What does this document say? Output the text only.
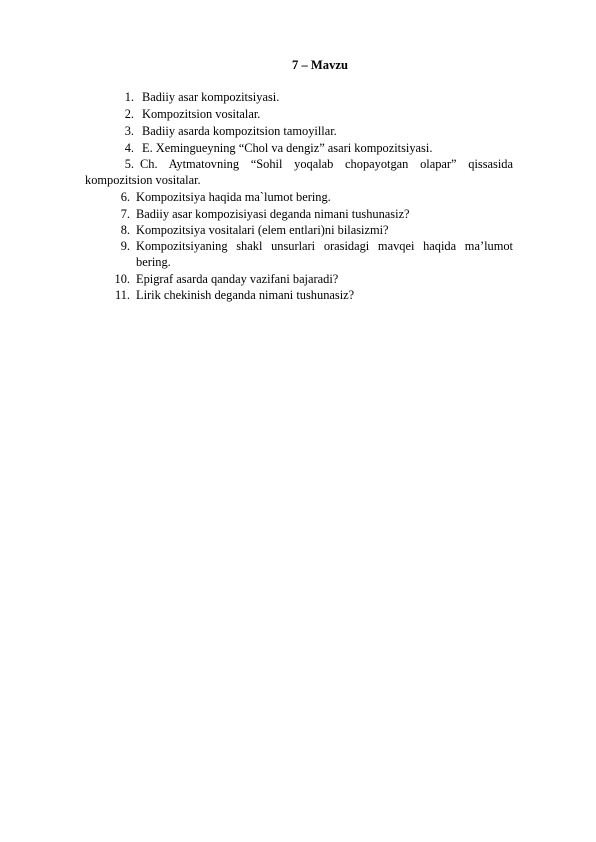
7 – Mavzu
1. Badiiy asar kompozitsiyasi.
2. Kompozitsion vositalar.
3. Badiiy asarda kompozitsion tamoyillar.
4. E. Xemingueyning “Chol va dengiz” asari kompozitsiyasi.
5. Ch. Aytmatovning “Sohil yoqalab chopayotgan olapar” qissasida
kompozitsion vositalar.
6. Kompozitsiya haqida ma`lumot bering.
7. Badiiy asar kompozisiyasi deganda nimani tushunasiz?
8. Kompozitsiya vositalari (elem entlari)ni bilasizmi?
9. Kompozitsiyaning shakl unsurlari orasidagi mavqei haqida ma’lumot
bering.
10. Epigraf asarda qanday vazifani bajaradi?
11. Lirik chekinish deganda nimani tushunasiz?
